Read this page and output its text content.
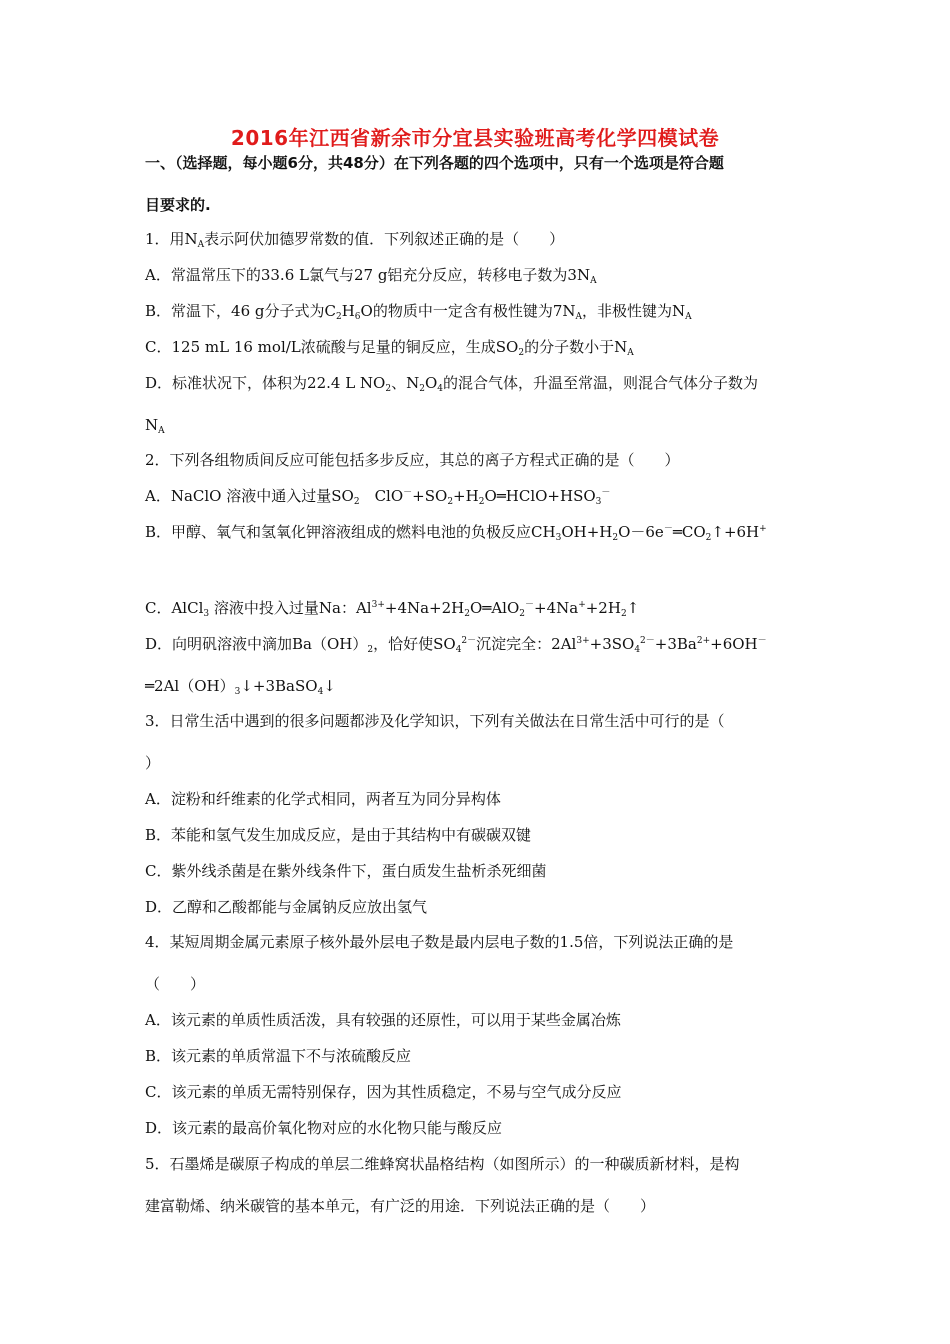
2016年江西省新余市分宜县实验班高考化学四模试卷
一、（选择题，每小题6分，共48分）在下列各题的四个选项中，只有一个选项是符合题
目要求的.
1．用$N_A$表示阿伏加德罗常数的值．下列叙述正确的是（　　）
A．常温常压下的33.6 L氯气与27 g铝充分反应，转移电子数为$3N_A$
B．常温下，46 g分子式为$C_2H_6O$的物质中一定含有极性键为$7N_A$，非极性键为$N_A$
C．125 mL 16 mol/L浓硫酸与足量的铜反应，生成$SO_2$的分子数小于$N_A$
D．标准状况下，体积为22.4 L $NO_2$、$N_2O_4$的混合气体，升温至常温，则混合气体分子数为
$N_A$
2．下列各组物质间反应可能包括多步反应，其总的离子方程式正确的是（　　）
A．NaClO 溶液中通入过量$SO_2$　$ClO^-+SO_2+H_2O═HClO+HSO_3^-$
B．甲醇、氧气和氢氧化钾溶液组成的燃料电池的负极反应$CH_3OH+H_2O-6e^-═CO_2↑+6H^+$
C．AlCl$_3$ 溶液中投入过量Na：$Al^{3+}+4Na+2H_2O═AlO_2^-+4Na^++2H_2↑$
D．向明矾溶液中滴加$Ba(OH)_2$，恰好使$SO_4^{2-}$沉淀完全：$2Al^{3+}+3SO_4^{2-}+3Ba^{2+}+6OH^-$
$═2Al(OH)_3↓+3BaSO_4↓$
3．日常生活中遇到的很多问题都涉及化学知识，下列有关做法在日常生活中可行的是（
）
A．淀粉和纤维素的化学式相同，两者互为同分异构体
B．苯能和氢气发生加成反应，是由于其结构中有碳碳双键
C．紫外线杀菌是在紫外线条件下，蛋白质发生盐析杀死细菌
D．乙醇和乙酸都能与金属钠反应放出氢气
4．某短周期金属元素原子核外最外层电子数是最内层电子数的1.5倍，下列说法正确的是
（　　）
A．该元素的单质性质活泼，具有较强的还原性，可以用于某些金属冶炼
B．该元素的单质常温下不与浓硫酸反应
C．该元素的单质无需特别保存，因为其性质稳定，不易与空气成分反应
D．该元素的最高价氧化物对应的水化物只能与酸反应
5．石墨烯是碳原子构成的单层二维蜂窝状晶格结构（如图所示）的一种碳质新材料，是构
建富勒烯、纳米碳管的基本单元，有广泛的用途．下列说法正确的是（　　）
